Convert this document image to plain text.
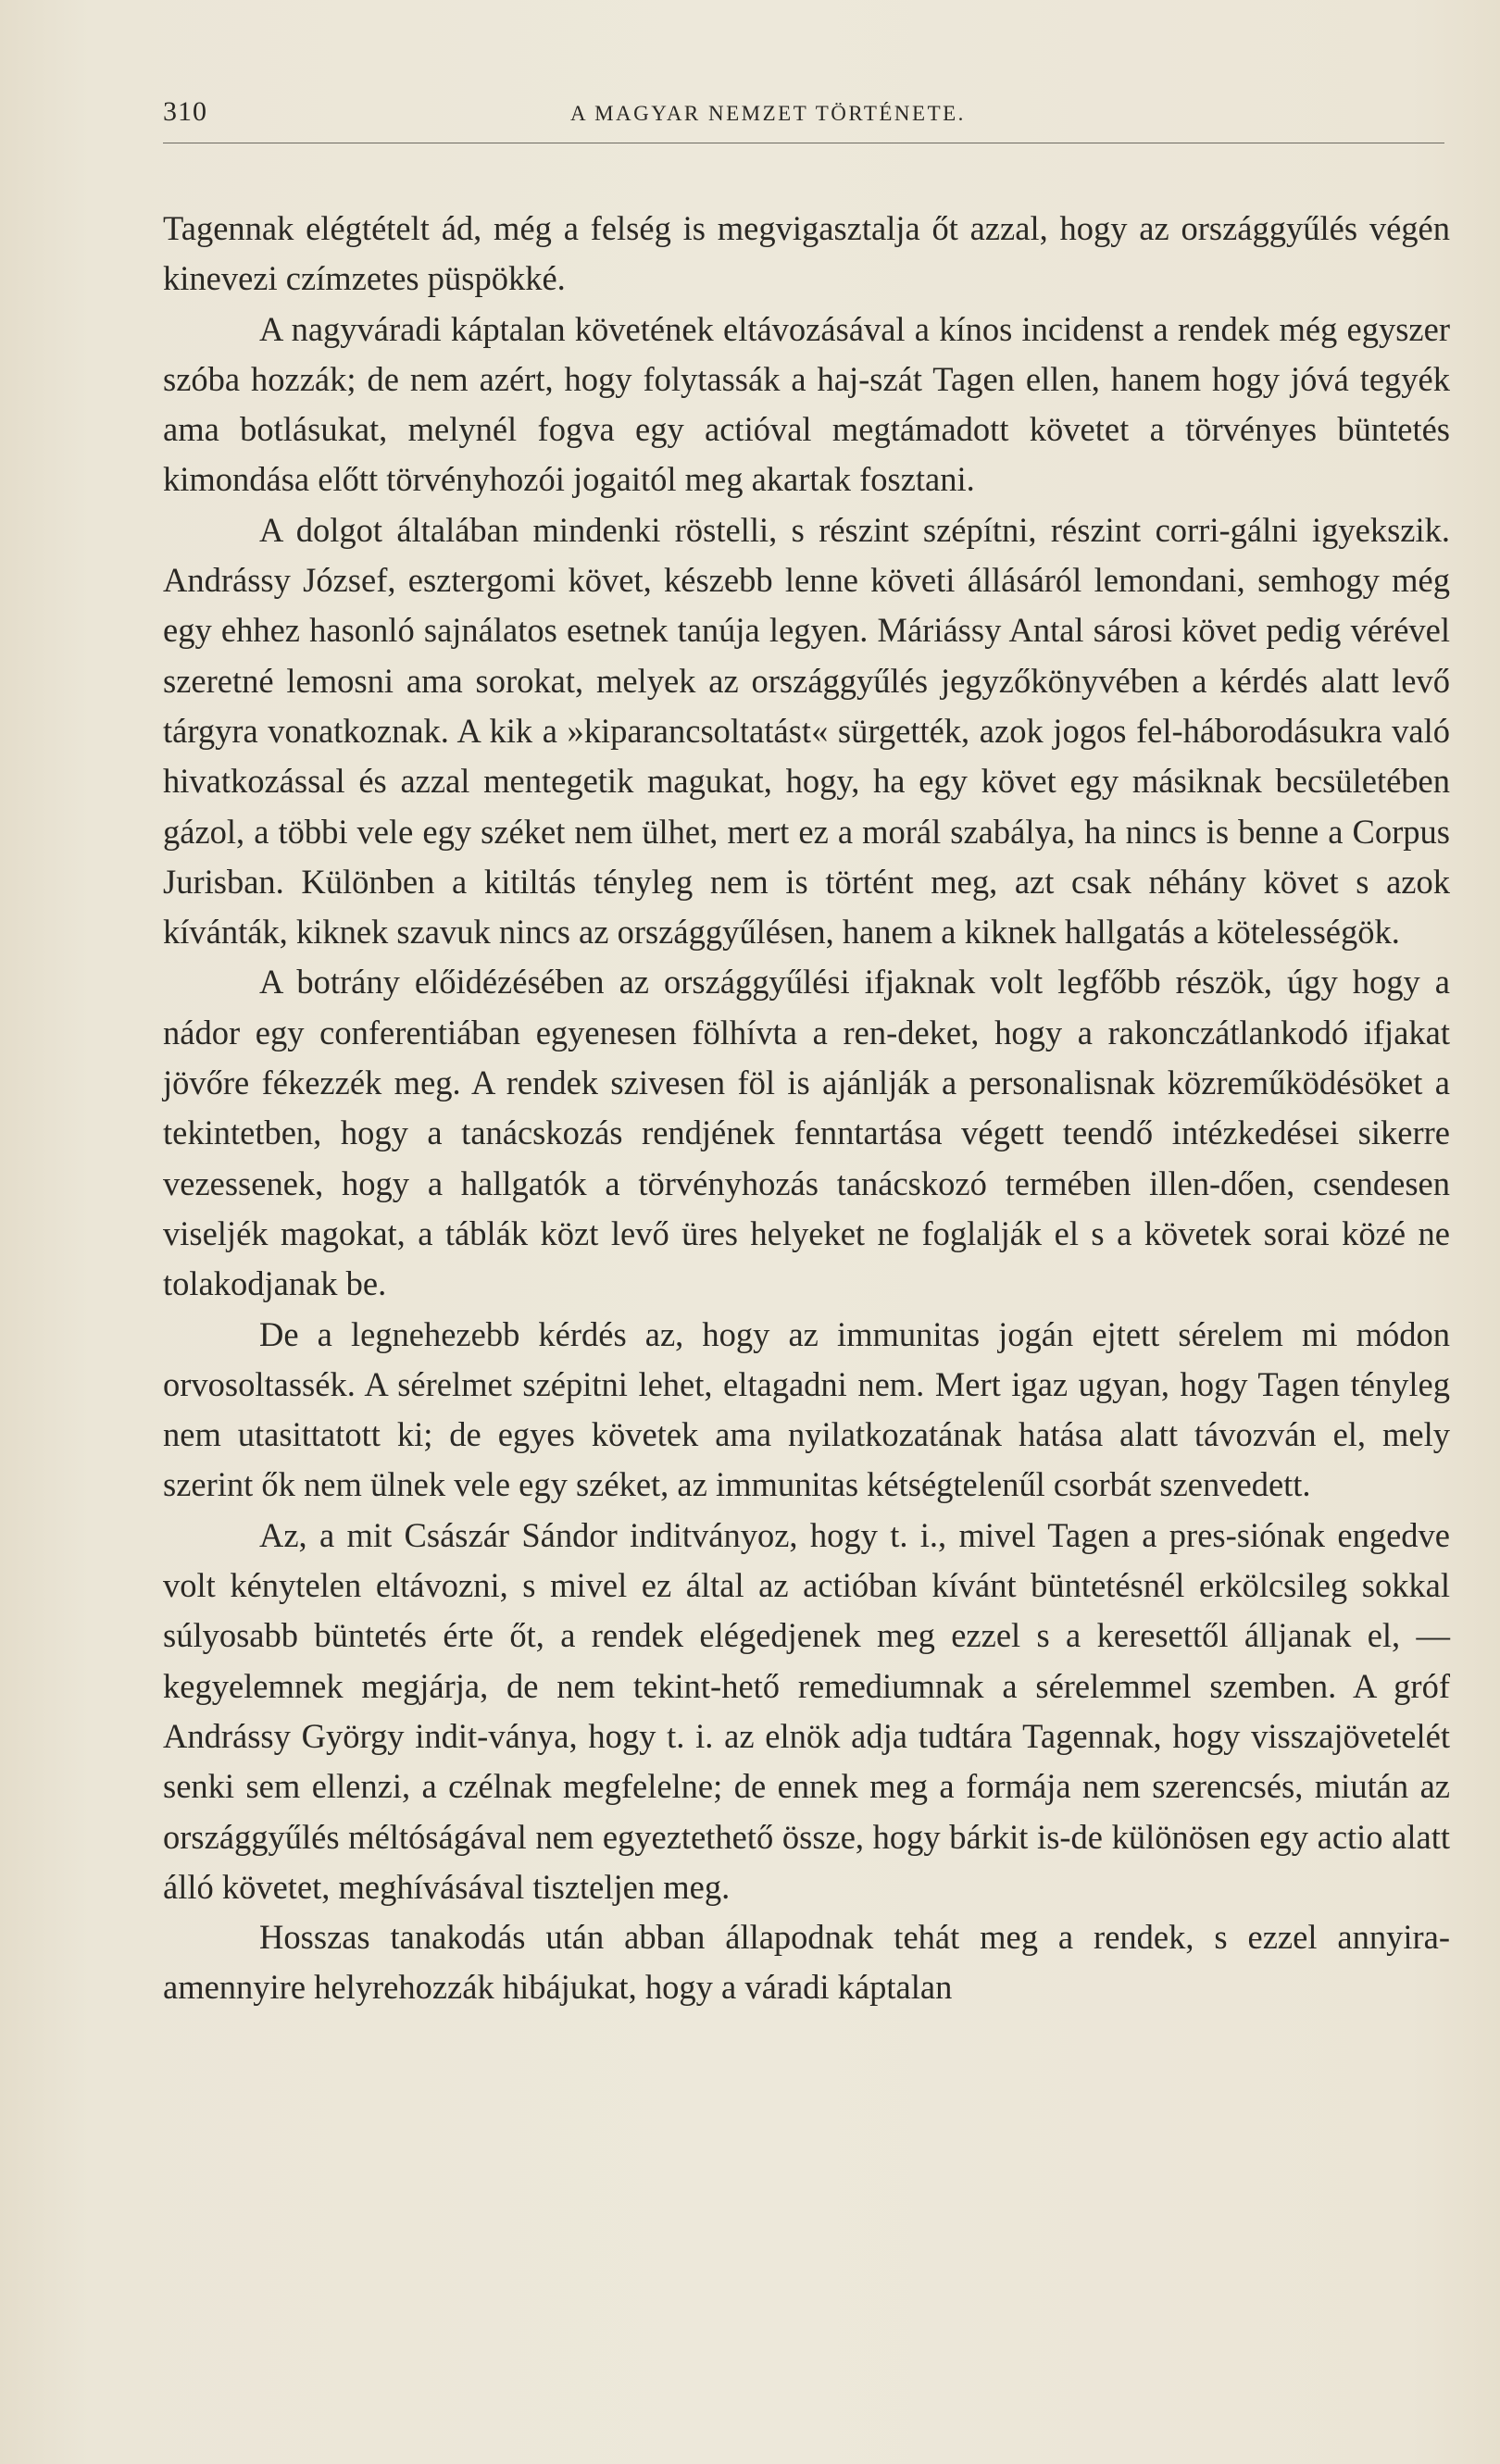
310	A MAGYAR NEMZET TÖRTÉNETE.

Tagennak elégtételt ád, még a felség is megvigasztalja őt azzal, hogy az országgyűlés végén kinevezi czímzetes püspökké.

A nagyváradi káptalan követének eltávozásával a kínos incidenst a rendek még egyszer szóba hozzák; de nem azért, hogy folytassák a haj-szát Tagen ellen, hanem hogy jóvá tegyék ama botlásukat, melynél fogva egy actióval megtámadott követet a törvényes büntetés kimondása előtt törvényhozói jogaitól meg akartak fosztani.

A dolgot általában mindenki röstelli, s részint szépítni, részint corri-gálni igyekszik. Andrássy József, esztergomi követ, készebb lenne követi állásáról lemondani, semhogy még egy ehhez hasonló sajnálatos esetnek tanúja legyen. Máriássy Antal sárosi követ pedig vérével szeretné lemosni ama sorokat, melyek az országgyűlés jegyzőkönyvében a kérdés alatt levő tárgyra vonatkoznak. A kik a »kiparancsoltatást« sürgették, azok jogos fel-háborodásukra való hivatkozással és azzal mentegetik magukat, hogy, ha egy követ egy másiknak becsületében gázol, a többi vele egy széket nem ülhet, mert ez a morál szabálya, ha nincs is benne a Corpus Jurisban. Különben a kitiltás tényleg nem is történt meg, azt csak néhány követ s azok kívánták, kiknek szavuk nincs az országgyűlésen, hanem a kiknek hallgatás a kötelességök.

A botrány előidézésében az országgyűlési ifjaknak volt legfőbb részök, úgy hogy a nádor egy conferentiában egyenesen fölhívta a ren-deket, hogy a rakonczátlankodó ifjakat jövőre fékezzék meg. A rendek szivesen föl is ajánlják a personalisnak közreműködésöket a tekintetben, hogy a tanácskozás rendjének fenntartása végett teendő intézkedései sikerre vezessenek, hogy a hallgatók a törvényhozás tanácskozó termében illen-dően, csendesen viseljék magokat, a táblák közt levő üres helyeket ne foglalják el s a követek sorai közé ne tolakodjanak be.

De a legnehezebb kérdés az, hogy az immunitas jogán ejtett sérelem mi módon orvosoltassék. A sérelmet szépitni lehet, eltagadni nem. Mert igaz ugyan, hogy Tagen tényleg nem utasittatott ki; de egyes követek ama nyilatkozatának hatása alatt távozván el, mely szerint ők nem ülnek vele egy széket, az immunitas kétségtelenűl csorbát szenvedett.

Az, a mit Császár Sándor inditványoz, hogy t. i., mivel Tagen a pres-siónak engedve volt kénytelen eltávozni, s mivel ez által az actióban kívánt büntetésnél erkölcsileg sokkal súlyosabb büntetés érte őt, a rendek elégedjenek meg ezzel s a keresettől álljanak el, — kegyelemnek megjárja, de nem tekint-hető remediumnak a sérelemmel szemben. A gróf Andrássy György indit-ványa, hogy t. i. az elnök adja tudtára Tagennak, hogy visszajövetelét senki sem ellenzi, a czélnak megfelelne; de ennek meg a formája nem szerencsés, miután az országgyűlés méltóságával nem egyeztethető össze, hogy bárkit is-de különösen egy actio alatt álló követet, meghívásával tiszteljen meg.

Hosszas tanakodás után abban állapodnak tehát meg a rendek, s ezzel annyira-amennyire helyrehozzák hibájukat, hogy a váradi káptalan
